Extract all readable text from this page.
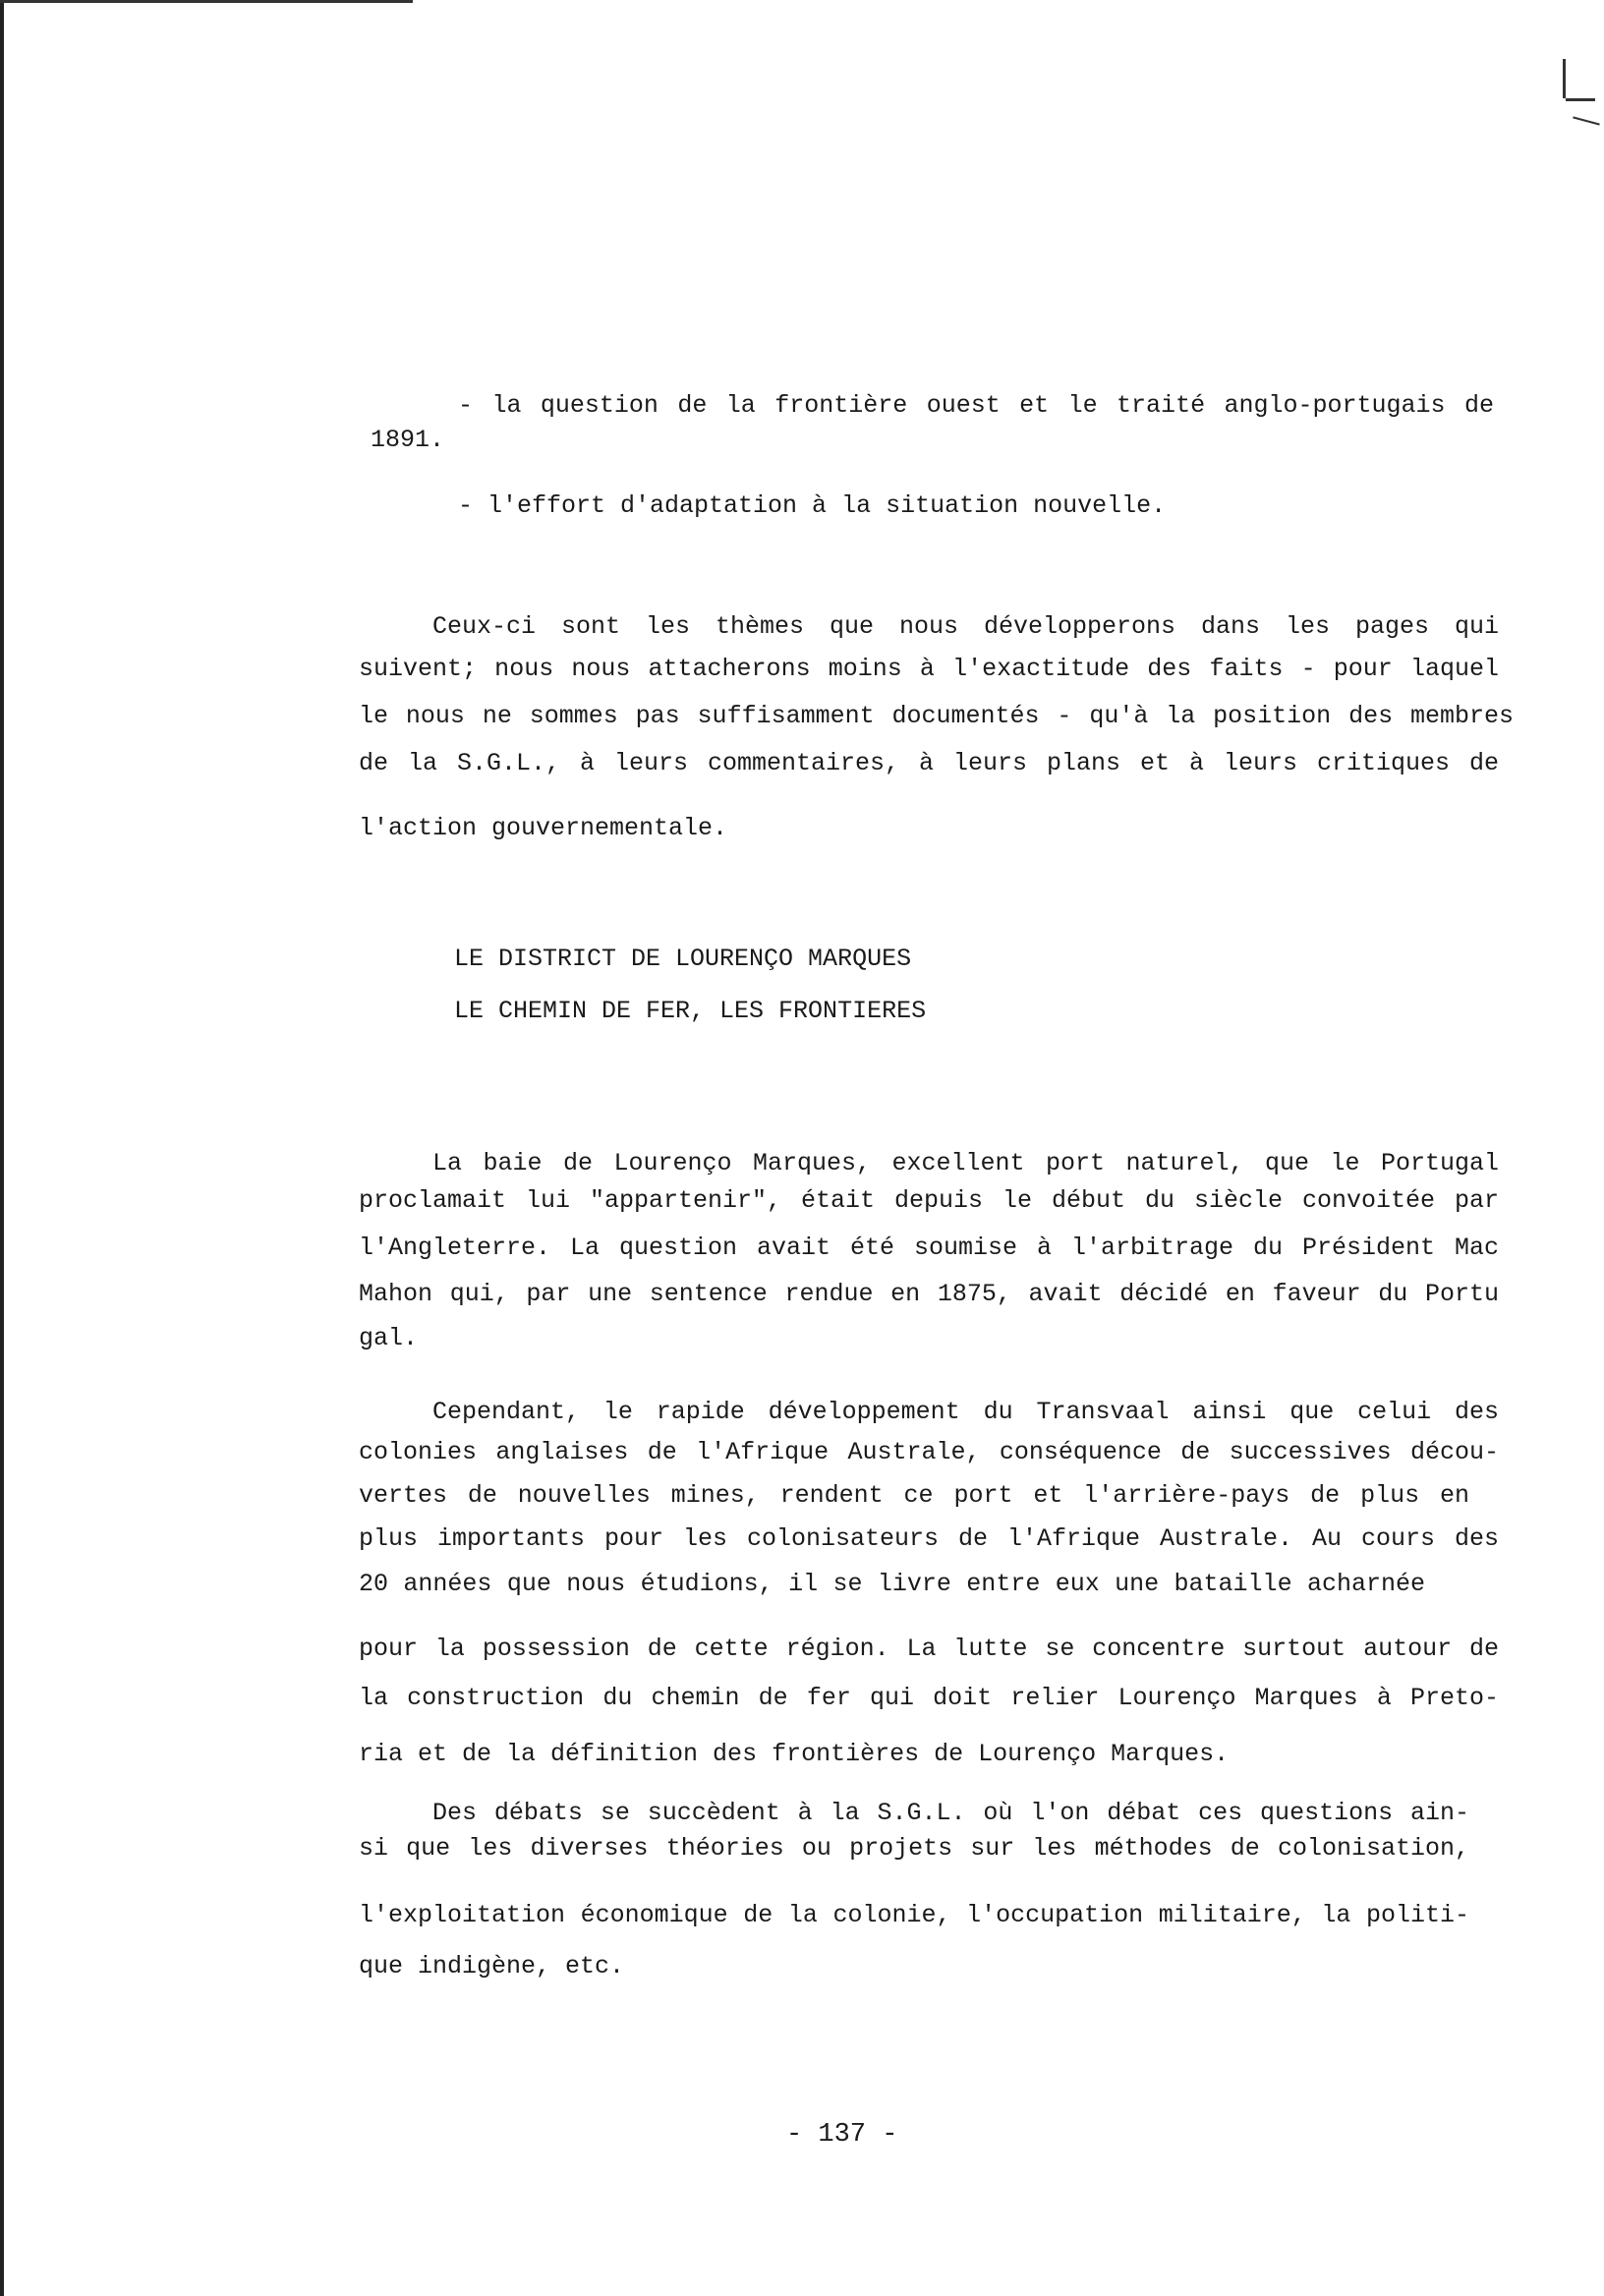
- la question de la frontière ouest et le traité anglo-portugais de
1891.
- l'effort d'adaptation à la situation nouvelle.
Ceux-ci sont les thèmes que nous développerons dans les pages qui
suivent; nous nous attacherons moins à l'exactitude des faits - pour laquel
le nous ne sommes pas suffisamment documentés - qu'à la position des membres
de la S.G.L., à leurs commentaires, à leurs plans et à leurs critiques de
l'action gouvernementale.
LE DISTRICT DE LOURENÇO MARQUES
LE CHEMIN DE FER, LES FRONTIERES
La baie de Lourenço Marques, excellent port naturel, que le Portugal
proclamait lui "appartenir", était depuis le début du siècle convoitée par
l'Angleterre. La question avait été soumise à l'arbitrage du Président Mac
Mahon qui, par une sentence rendue en 1875, avait décidé en faveur du Portu
gal.
Cependant, le rapide développement du Transvaal ainsi que celui des
colonies anglaises de l'Afrique Australe, conséquence de successives décou-
vertes de nouvelles mines, rendent ce port et l'arrière-pays de plus en
plus importants pour les colonisateurs de l'Afrique Australe. Au cours des
20 années que nous étudions, il se livre entre eux une bataille acharnée
pour la possession de cette région. La lutte se concentre surtout autour de
la construction du chemin de fer qui doit relier Lourenço Marques à Preto-
ria et de la définition des frontières de Lourenço Marques.
Des débats se succèdent à la S.G.L. où l'on débat ces questions ain-
si que les diverses théories ou projets sur les méthodes de colonisation,
l'exploitation économique de la colonie, l'occupation militaire, la politi-
que indigène, etc.
- 137 -
